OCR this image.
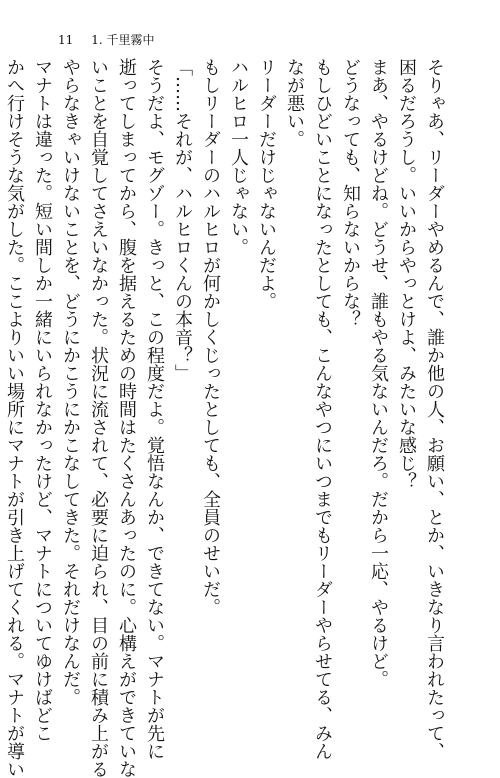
11 1. 千里霧中
そりゃあ、リーダーやめるんで、誰か他の人、お願い、とか、いきなり言われたって、
困るだろうし。いいからやっとけよ、みたいな感じ？
まあ、やるけどね。どうせ、誰もやる気ないんだろ。だから一応、やるけど。
どうなっても、知らないからな？
もしひどいことになったとしても、こんなやつにいつまでもリーダーやらせてる、みん
なが悪い。
リーダーだけじゃないんだよ。
ハルヒロ一人じゃない。
もしリーダーのハルヒロが何かしくじったとしても、全員のせいだ。
「……それが、ハルヒロくんの本音？」
そうだよ、モグゾー。きっと、この程度だよ。覚悟なんか、できてない。マナトが先に
逝ってしまってから、腹を据えるための時間はたくさんあったのに。心構えができていな
いことを自覚してさえいなかった。状況に流されて、必要に迫られ、目の前に積み上がる
やらなきゃいけないことを、どうにかこうにかこなしてきた。それだけなんだ。
マナトは違った。短い間しか一緒にいられなかったけど、マナトについてゆけばどこ
かへ行けそうな気がした。ここよりいい場所にマナトが引き上げてくれる。マナトが導い
